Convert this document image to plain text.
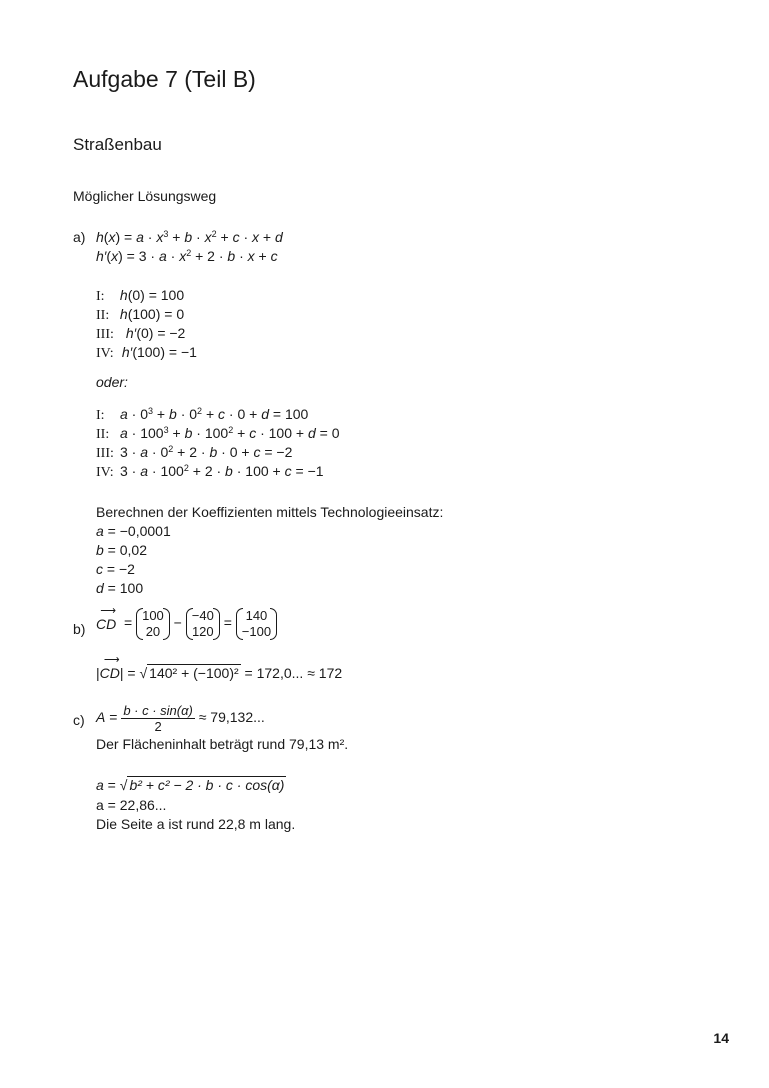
Aufgabe 7 (Teil B)
Straßenbau
Möglicher Lösungsweg
a) $h(x) = a \cdot x^3 + b \cdot x^2 + c \cdot x + d$
$h'(x) = 3 \cdot a \cdot x^2 + 2 \cdot b \cdot x + c$
I: h(0) = 100
II: h(100) = 0
III: h′(0) = −2
IV: h′(100) = −1
oder:
I: $a \cdot 0^3 + b \cdot 0^2 + c \cdot 0 + d = 100$
II: $a \cdot 100^3 + b \cdot 100^2 + c \cdot 100 + d = 0$
III: $3 \cdot a \cdot 0^2 + 2 \cdot b \cdot 0 + c = -2$
IV: $3 \cdot a \cdot 100^2 + 2 \cdot b \cdot 100 + c = -1$
Berechnen der Koeffizienten mittels Technologieeinsatz:
a = −0,0001
b = 0,02
c = −2
d = 100
b)
⟶
CD  = 100
20
− −40
120
= 140
−100
|
⟶
CD| = √ 140² + (−100)² = 172,0... ≈ 172
c) $A = \frac{b \cdot c \cdot \sin(\alpha)}{2} \approx 79,132$...
Der Flächeninhalt beträgt rund 79,13 m².
a = √ b² + c² − 2 · b · c · cos(α)
a = 22,86...
Die Seite a ist rund 22,8 m lang.
14
